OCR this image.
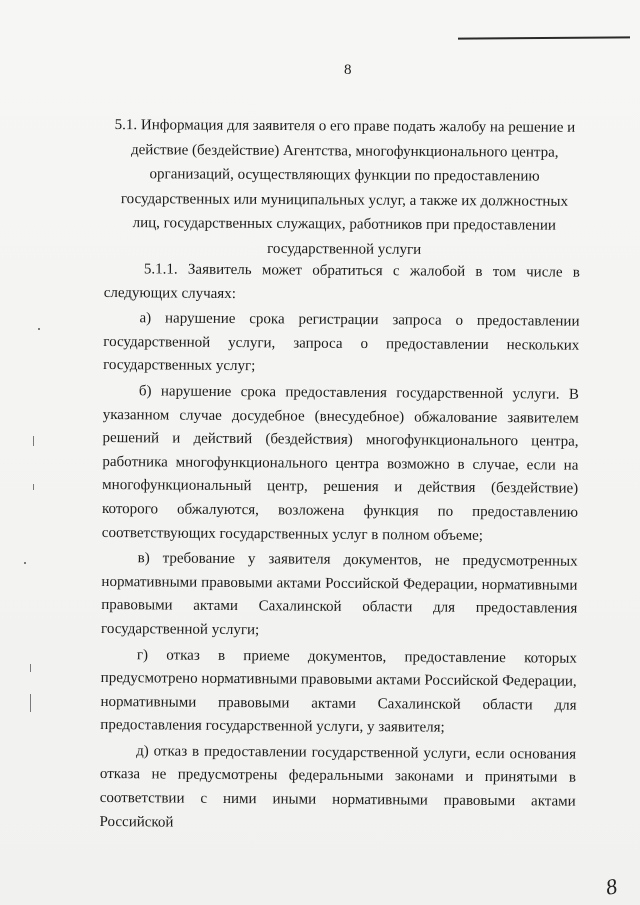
8
5.1. Информация для заявителя о его праве подать жалобу на решение и действие (бездействие) Агентства, многофункционального центра, организаций, осуществляющих функции по предоставлению государственных или муниципальных услуг, а также их должностных лиц, государственных служащих, работников при предоставлении государственной услуги

5.1.1. Заявитель может обратиться с жалобой в том числе в следующих случаях:

а) нарушение срока регистрации запроса о предоставлении государственной услуги, запроса о предоставлении нескольких государственных услуг;

б) нарушение срока предоставления государственной услуги. В указанном случае досудебное (внесудебное) обжалование заявителем решений и действий (бездействия) многофункционального центра, работника многофункционального центра возможно в случае, если на многофункциональный центр, решения и действия (бездействие) которого обжалуются, возложена функция по предоставлению соответствующих государственных услуг в полном объеме;

в) требование у заявителя документов, не предусмотренных нормативными правовыми актами Российской Федерации, нормативными правовыми актами Сахалинской области для предоставления государственной услуги;

г) отказ в приеме документов, предоставление которых предусмотрено нормативными правовыми актами Российской Федерации, нормативными правовыми актами Сахалинской области для предоставления государственной услуги, у заявителя;

д) отказ в предоставлении государственной услуги, если основания отказа не предусмотрены федеральными законами и принятыми в соответствии с ними иными нормативными правовыми актами Российской

8
